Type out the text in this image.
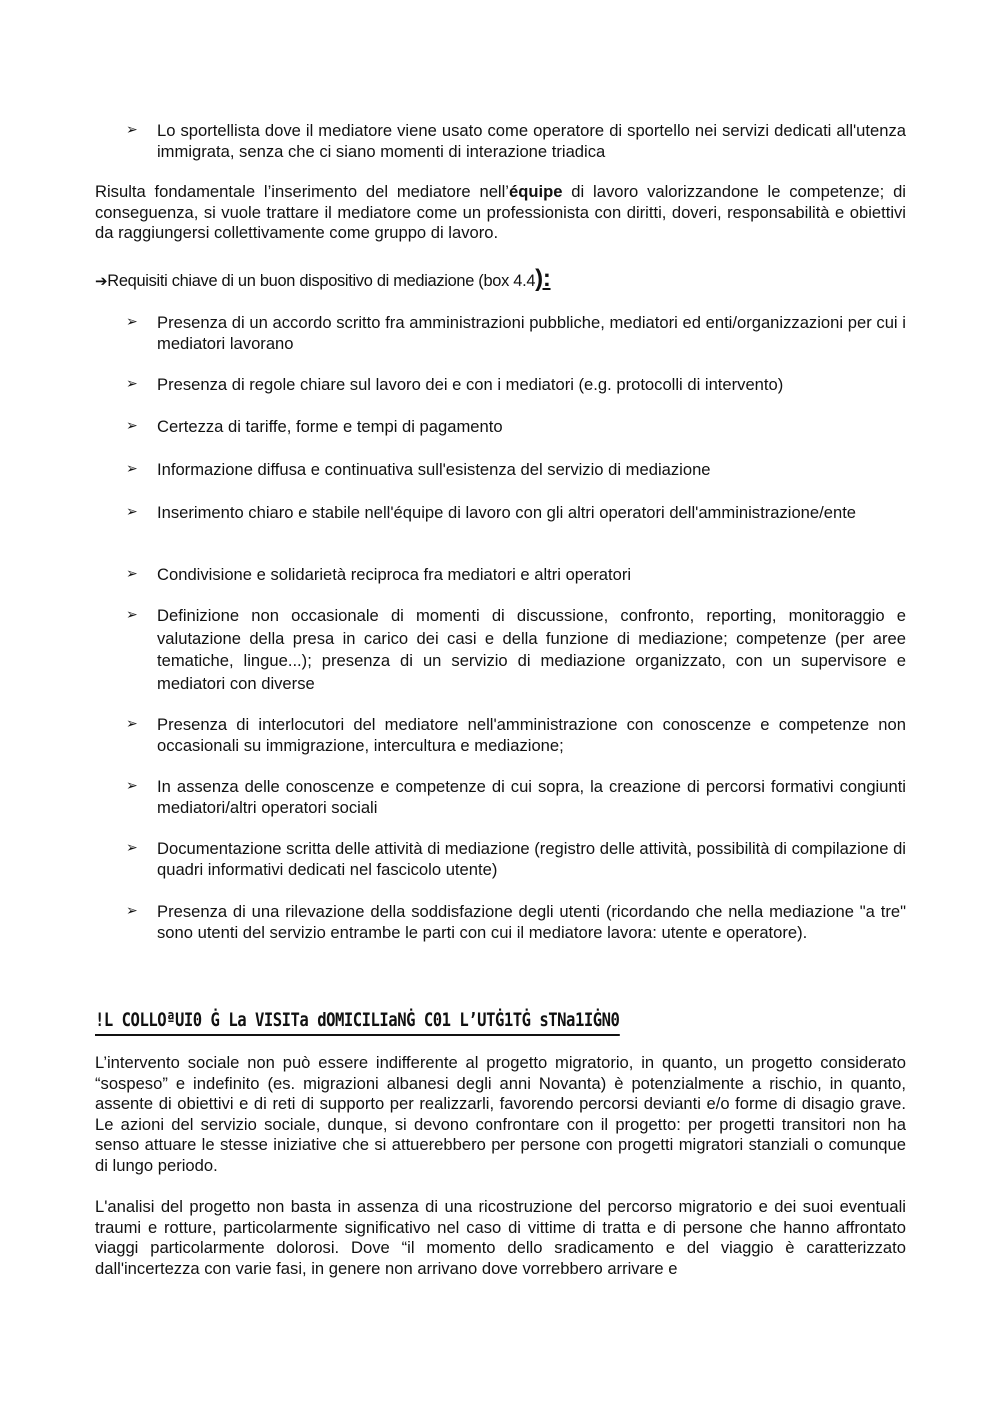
➢ Lo sportellista dove il mediatore viene usato come operatore di sportello nei servizi dedicati all'utenza immigrata, senza che ci siano momenti di interazione triadica
Risulta fondamentale l’inserimento del mediatore nell’équipe di lavoro valorizzandone le competenze; di conseguenza, si vuole trattare il mediatore come un professionista con diritti, doveri, responsabilità e obiettivi da raggiungersi collettivamente come gruppo di lavoro.
➔Requisiti chiave di un buon dispositivo di mediazione (box 4.4):
➢ Presenza di un accordo scritto fra amministrazioni pubbliche, mediatori ed enti/organizzazioni per cui i mediatori lavorano
➢ Presenza di regole chiare sul lavoro dei e con i mediatori (e.g. protocolli di intervento)
➢ Certezza di tariffe, forme e tempi di pagamento
➢ Informazione diffusa e continuativa sull'esistenza del servizio di mediazione
➢ Inserimento chiaro e stabile nell'équipe di lavoro con gli altri operatori dell'amministrazione/ente
➢ Condivisione e solidarietà reciproca fra mediatori e altri operatori
➢ Definizione non occasionale di momenti di discussione, confronto, reporting, monitoraggio e valutazione della presa in carico dei casi e della funzione di mediazione; competenze (per aree tematiche, lingue...); presenza di un servizio di mediazione organizzato, con un supervisore e mediatori con diverse
➢ Presenza di interlocutori del mediatore nell'amministrazione con conoscenze e competenze non occasionali su immigrazione, intercultura e mediazione;
➢ In assenza delle conoscenze e competenze di cui sopra, la creazione di percorsi formativi congiunti mediatori/altri operatori sociali
➢ Documentazione scritta delle attività di mediazione (registro delle attività, possibilità di compilazione di quadri informativi dedicati nel fascicolo utente)
➢ Presenza di una rilevazione della soddisfazione degli utenti (ricordando che nella mediazione "a tre" sono utenti del servizio entrambe le parti con cui il mediatore lavora: utente e operatore).
!L COLLOªUI0 Ġ La VISITa dOMICILIaNĠ C01 L’UTĠ1TĠ sTNa1IĠN0
L’intervento sociale non può essere indifferente al progetto migratorio, in quanto, un progetto considerato “sospeso” e indefinito (es. migrazioni albanesi degli anni Novanta) è potenzialmente a rischio, in quanto, assente di obiettivi e di reti di supporto per realizzarli, favorendo percorsi devianti e/o forme di disagio grave. Le azioni del servizio sociale, dunque, si devono confrontare con il progetto: per progetti transitori non ha senso attuare le stesse iniziative che si attuerebbero per persone con progetti migratori stanziali o comunque di lungo periodo.
L'analisi del progetto non basta in assenza di una ricostruzione del percorso migratorio e dei suoi eventuali traumi e rotture, particolarmente significativo nel caso di vittime di tratta e di persone che hanno affrontato viaggi particolarmente dolorosi. Dove “il momento dello sradicamento e del viaggio è caratterizzato dall'incertezza con varie fasi, in genere non arrivano dove vorrebbero arrivare e
